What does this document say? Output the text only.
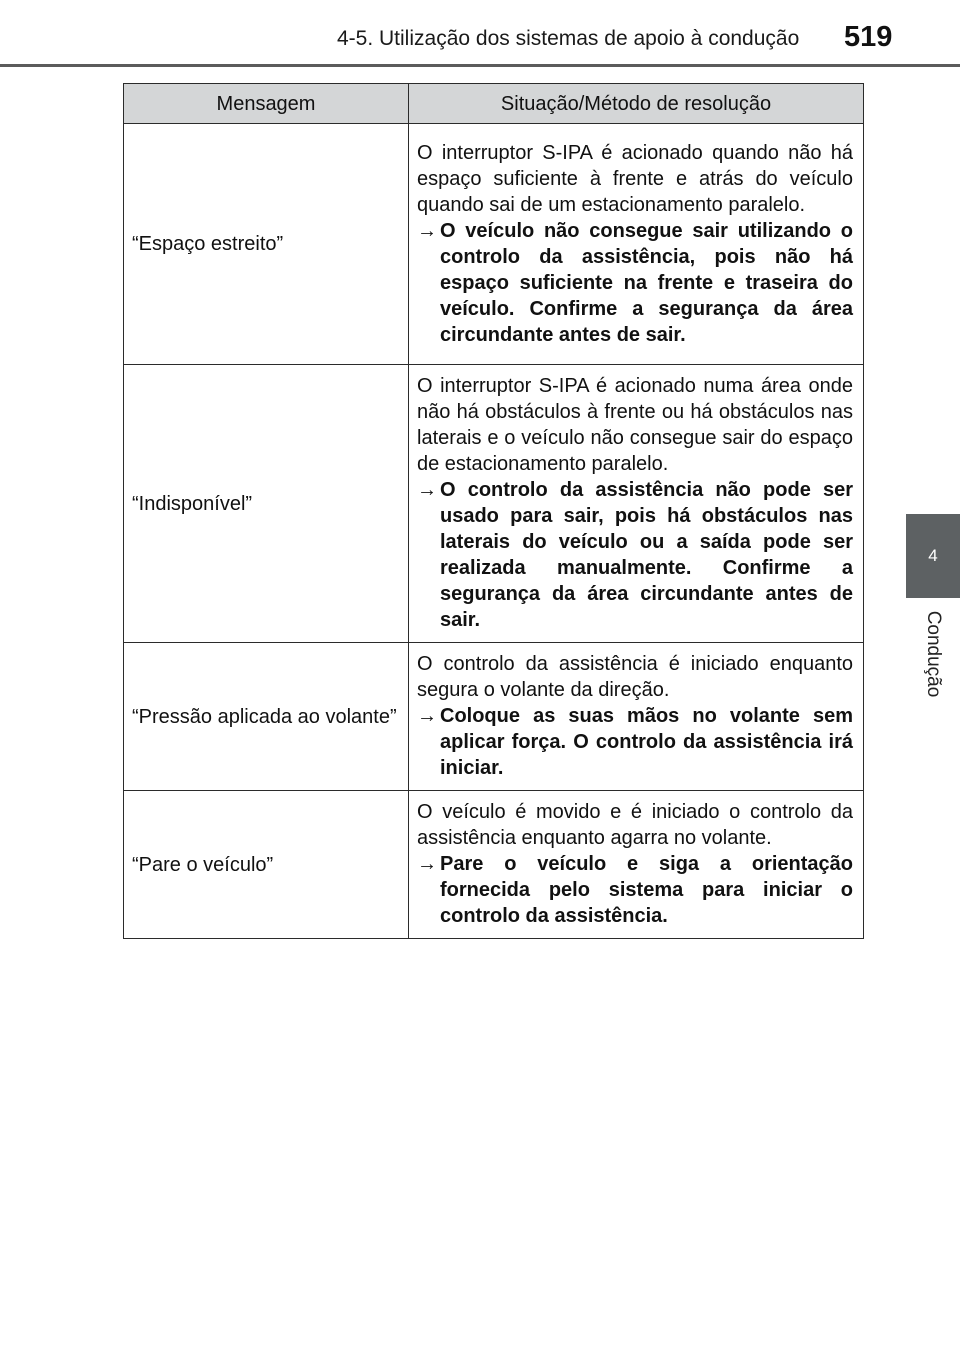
4-5. Utilização dos sistemas de apoio à condução 519
4
Condução
Mensagem	Situação/Método de resolução
“Espaço estreito”	O interruptor S-IPA é acionado quando não há espaço suficiente à frente e atrás do veículo quando sai de um estacionamento paralelo.
→ O veículo não consegue sair utilizando o controlo da assistência, pois não há espaço suficiente na frente e traseira do veículo. Confirme a segurança da área circundante antes de sair.

“Indisponível”	O interruptor S-IPA é acionado numa área onde não há obstáculos à frente ou há obstáculos nas laterais e o veículo não consegue sair do espaço de estacionamento paralelo.
→ O controlo da assistência não pode ser usado para sair, pois há obstáculos nas laterais do veículo ou a saída pode ser realizada manualmente. Confirme a segurança da área circundante antes de sair.

“Pressão aplicada ao volante”	O controlo da assistência é iniciado enquanto segura o volante da direção.
→ Coloque as suas mãos no volante sem aplicar força. O controlo da assistência irá iniciar.

“Pare o veículo”	O veículo é movido e é iniciado o controlo da assistência enquanto agarra no volante.
→ Pare o veículo e siga a orientação fornecida pelo sistema para iniciar o controlo da assistência.
